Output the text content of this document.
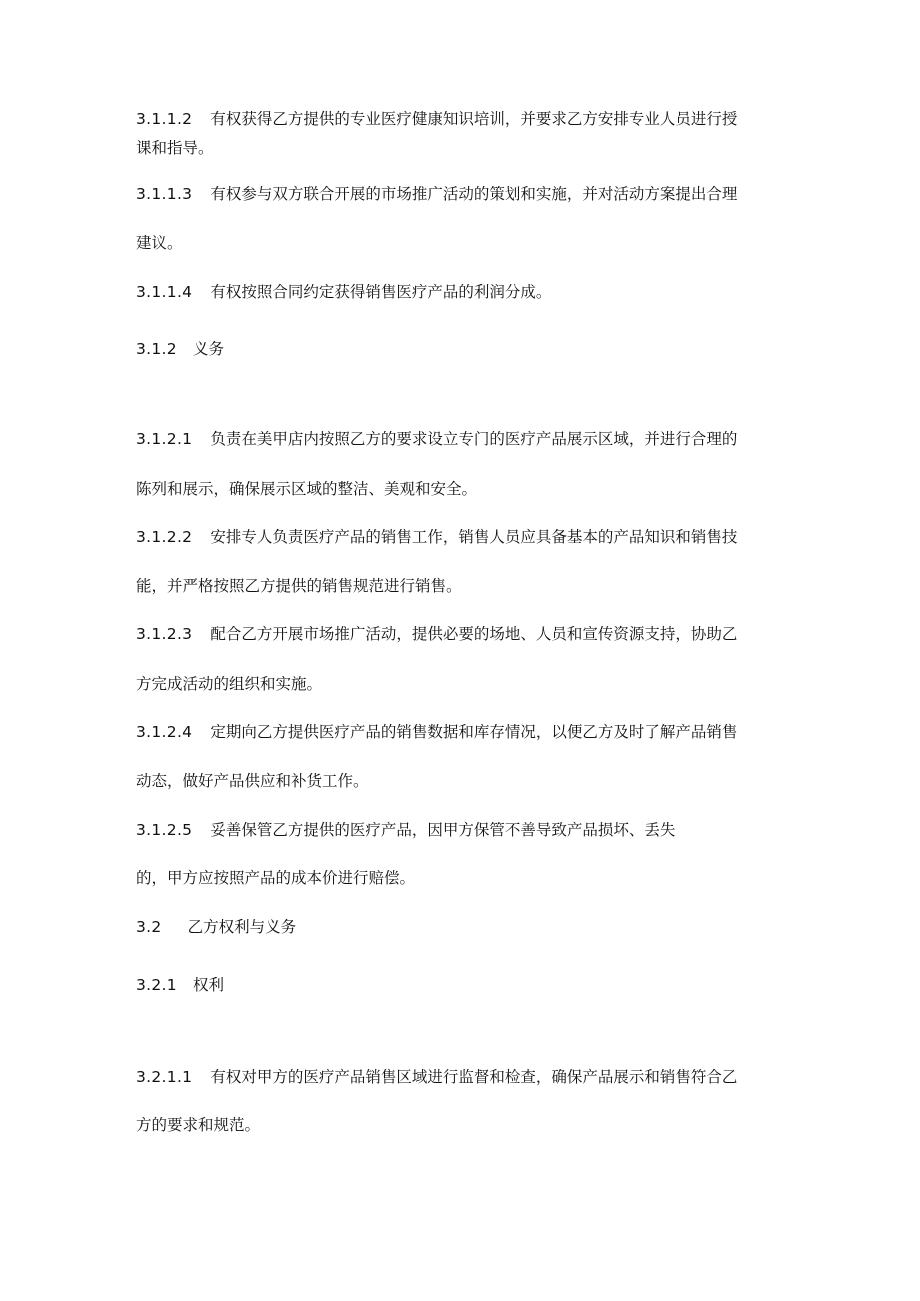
3.1.1.2 有权获得乙方提供的专业医疗健康知识培训，并要求乙方安排专业人员进行授
课和指导。
3.1.1.3 有权参与双方联合开展的市场推广活动的策划和实施，并对活动方案提出合理
建议。
3.1.1.4 有权按照合同约定获得销售医疗产品的利润分成。
3.1.2 义务
3.1.2.1 负责在美甲店内按照乙方的要求设立专门的医疗产品展示区域，并进行合理的
陈列和展示，确保展示区域的整洁、美观和安全。
3.1.2.2 安排专人负责医疗产品的销售工作，销售人员应具备基本的产品知识和销售技
能，并严格按照乙方提供的销售规范进行销售。
3.1.2.3 配合乙方开展市场推广活动，提供必要的场地、人员和宣传资源支持，协助乙
方完成活动的组织和实施。
3.1.2.4 定期向乙方提供医疗产品的销售数据和库存情况，以便乙方及时了解产品销售
动态，做好产品供应和补货工作。
3.1.2.5 妥善保管乙方提供的医疗产品，因甲方保管不善导致产品损坏、丢失
的，甲方应按照产品的成本价进行赔偿。
3.2 乙方权利与义务
3.2.1 权利
3.2.1.1 有权对甲方的医疗产品销售区域进行监督和检查，确保产品展示和销售符合乙
方的要求和规范。
